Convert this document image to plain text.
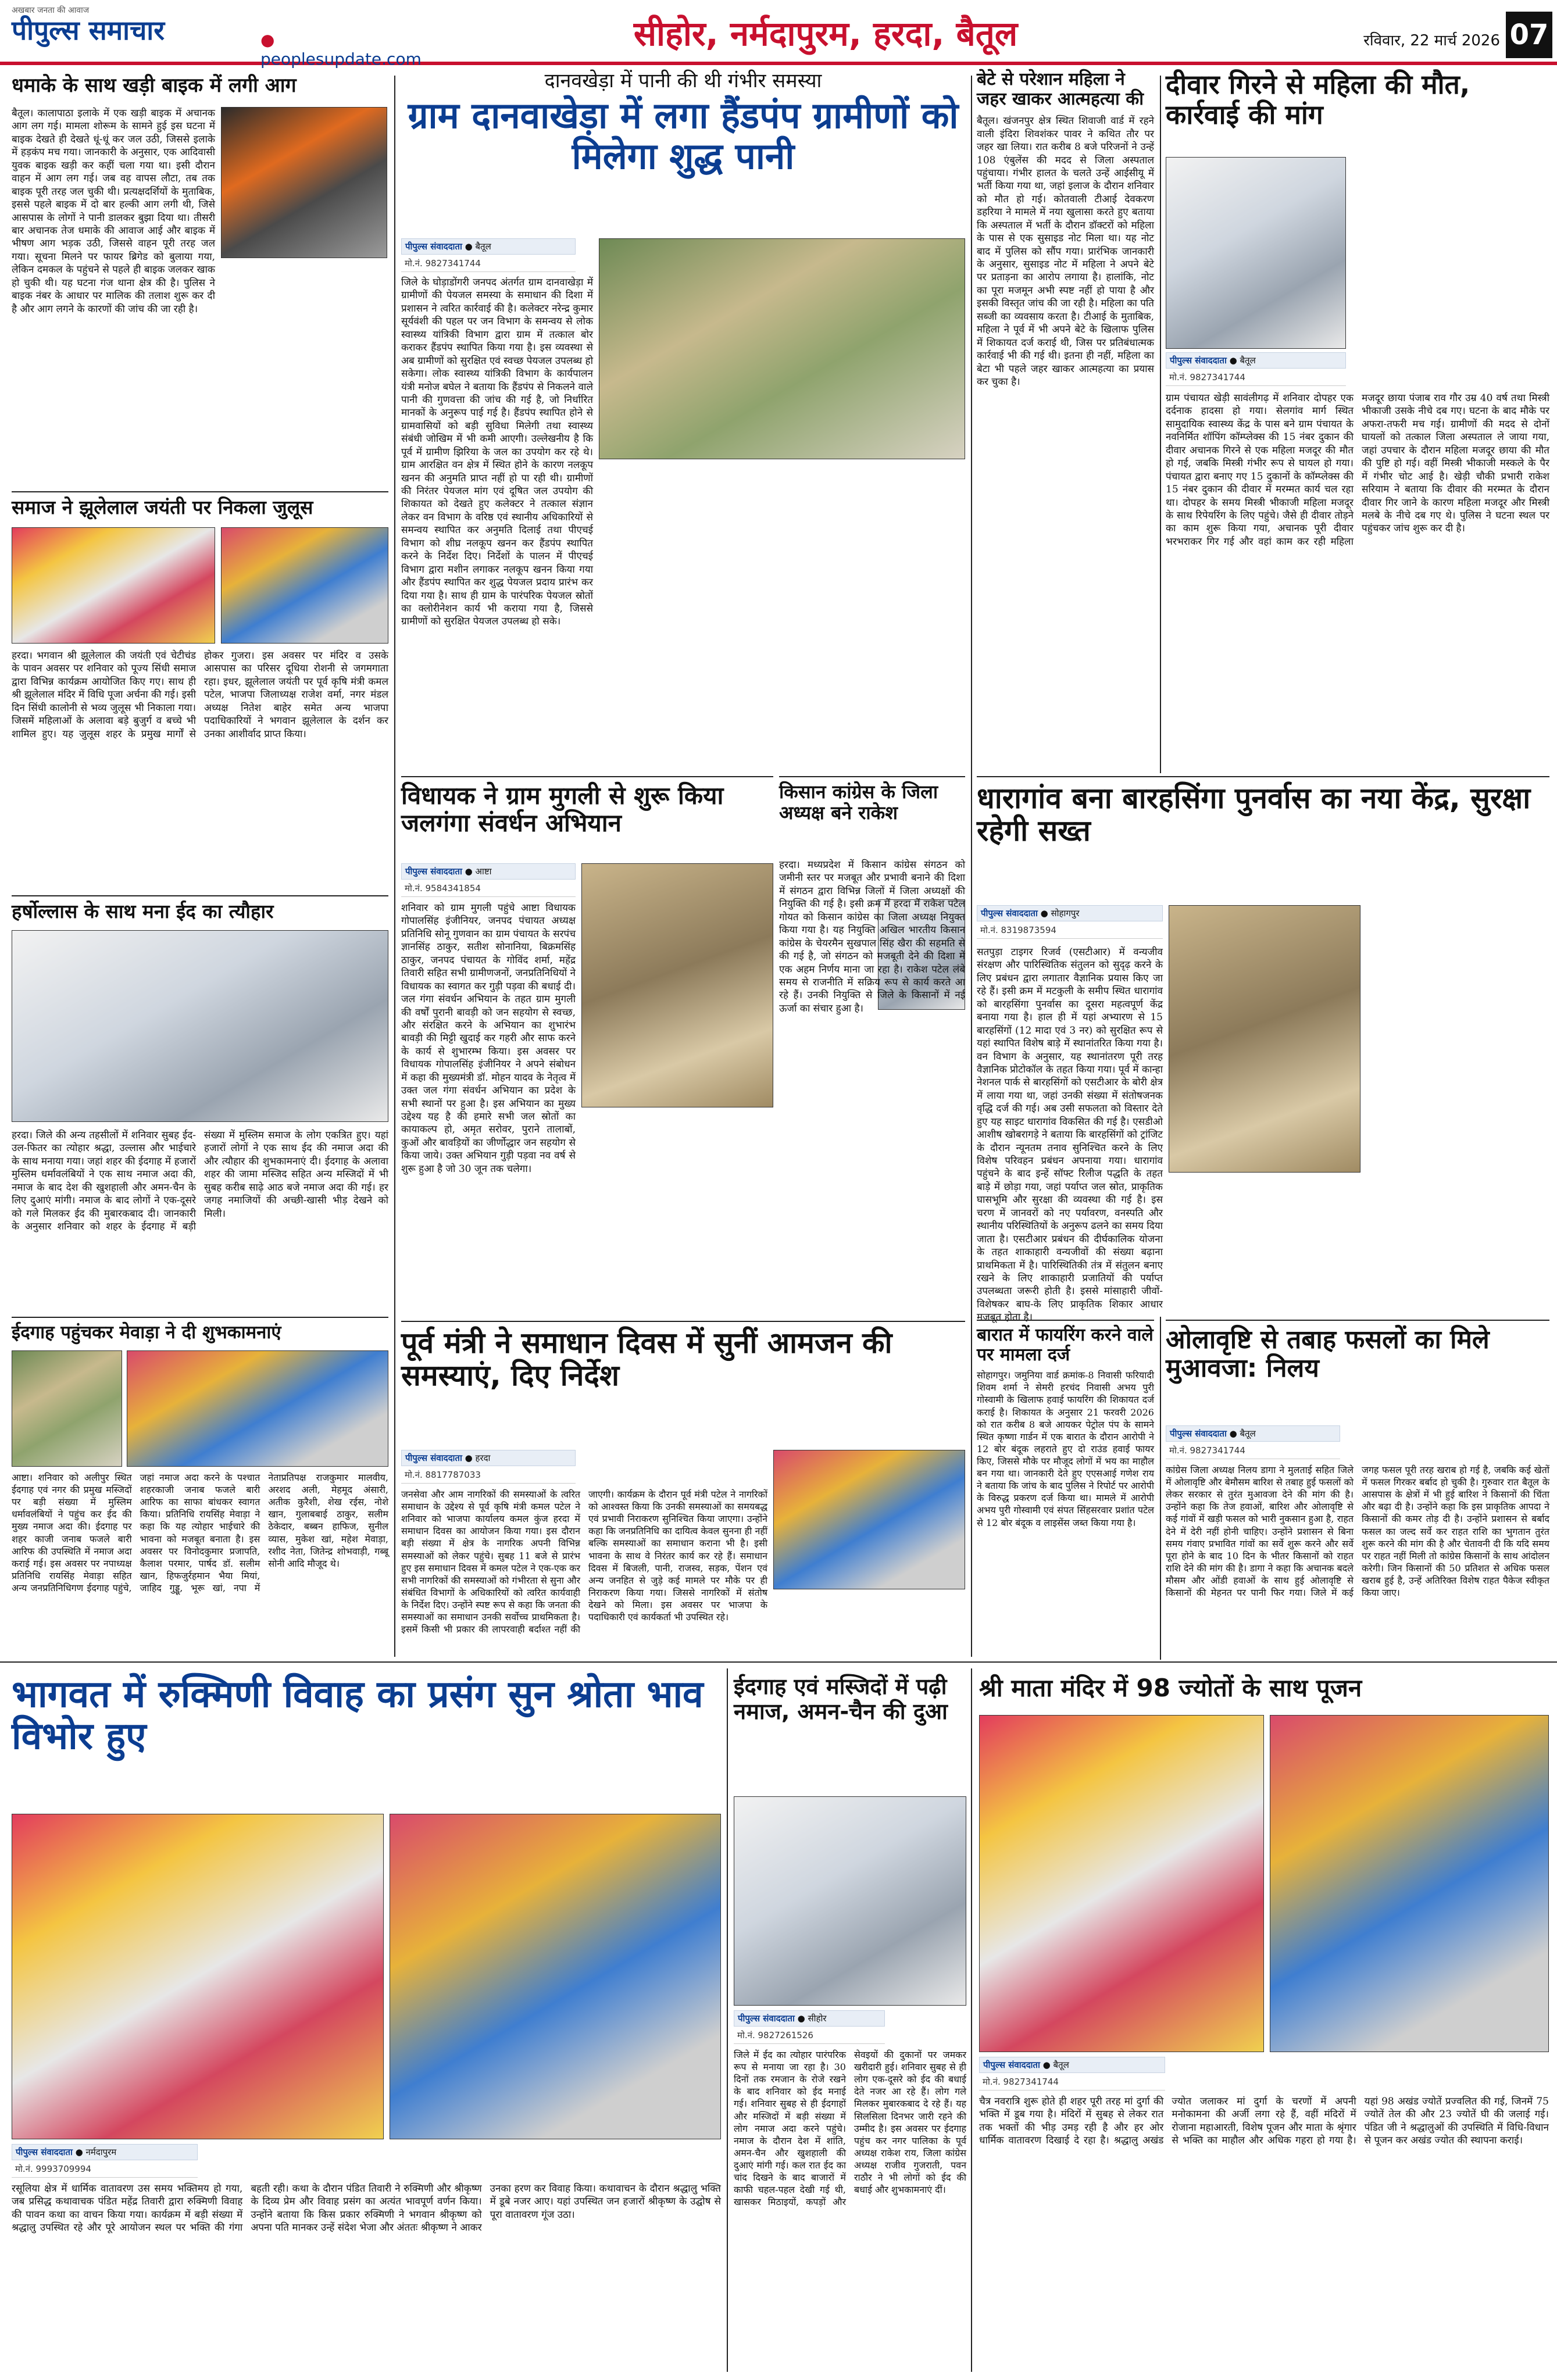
अखबार जनता की आवाज
पीपुल्स समाचार	● peoplesupdate.com
सीहोर, नर्मदापुरम, हरदा, बैतूल	रविवार, 22 मार्च 2026 07
धमाके के साथ खड़ी बाइक में लगी आग
बैतूल। कालापाठा इलाके में एक खड़ी बाइक में अचानक आग लग गई। मामला शोरूम के सामने हुई इस घटना में बाइक देखते ही देखते धूं-धूं कर जल उठी, जिससे इलाके में हड़कंप मच गया। जानकारी के अनुसार, एक आदिवासी युवक बाइक खड़ी कर कहीं चला गया था। इसी दौरान वाहन में आग लग गई। जब वह वापस लौटा, तब तक बाइक पूरी तरह जल चुकी थी। प्रत्यक्षदर्शियों के मुताबिक, इससे पहले बाइक में दो बार हल्की आग लगी थी, जिसे आसपास के लोगों ने पानी डालकर बुझा दिया था। तीसरी बार अचानक तेज धमाके की आवाज आई और बाइक में भीषण आग भड़क उठी, जिससे वाहन पूरी तरह जल गया। सूचना मिलने पर फायर ब्रिगेड को बुलाया गया, लेकिन दमकल के पहुंचने से पहले ही बाइक जलकर खाक हो चुकी थी। यह घटना गंज थाना क्षेत्र की है। पुलिस ने बाइक नंबर के आधार पर मालिक की तलाश शुरू कर दी है और आग लगने के कारणों की जांच की जा रही है।
समाज ने झूलेलाल जयंती पर निकला जुलूस
हरदा। भगवान श्री झूलेलाल की जयंती एवं चेटीचंड के पावन अवसर पर शनिवार को पूज्य सिंधी समाज द्वारा विभिन्न कार्यक्रम आयोजित किए गए। साथ ही श्री झूलेलाल मंदिर में विधि पूजा अर्चना की गई। इसी दिन सिंधी कालोनी से भव्य जुलूस भी निकाला गया। जिसमें महिलाओं के अलावा बड़े बुजुर्ग व बच्चे भी शामिल हुए। यह जुलूस शहर के प्रमुख मार्गों से होकर गुजरा। इस अवसर पर मंदिर व उसके आसपास का परिसर दूधिया रोशनी से जगमगाता रहा। इधर, झूलेलाल जयंती पर पूर्व कृषि मंत्री कमल पटेल, भाजपा जिलाध्यक्ष राजेश वर्मा, नगर मंडल अध्यक्ष नितेश बाहेर समेत अन्य भाजपा पदाधिकारियों ने भगवान झूलेलाल के दर्शन कर उनका आशीर्वाद प्राप्त किया।
हर्षोल्लास के साथ मना ईद का त्यौहार
हरदा। जिले की अन्य तहसीलों में शनिवार सुबह ईद-उल-फितर का त्योहार श्रद्धा, उल्लास और भाईचारे के साथ मनाया गया। जहां शहर की ईदगाह में हजारों मुस्लिम धर्मावलंबियों ने एक साथ नमाज अदा की, नमाज के बाद देश की खुशहाली और अमन-चैन के लिए दुआएं मांगी। नमाज के बाद लोगों ने एक-दूसरे को गले मिलकर ईद की मुबारकबाद दी। जानकारी के अनुसार शनिवार को शहर के ईदगाह में बड़ी संख्या में मुस्लिम समाज के लोग एकत्रित हुए। यहां हजारों लोगों ने एक साथ ईद की नमाज अदा की और त्यौहार की शुभकामनाएं दी। ईदगाह के अलावा शहर की जामा मस्जिद सहित अन्य मस्जिदों में भी सुबह करीब साढ़े आठ बजे नमाज अदा की गई। हर जगह नमाजियों की अच्छी-खासी भीड़ देखने को मिली।
ईदगाह पहुंचकर मेवाड़ा ने दी शुभकामनाएं
आष्टा। शनिवार को अलीपुर स्थित ईदगाह एवं नगर की प्रमुख मस्जिदों पर बड़ी संख्या में मुस्लिम धर्मावलंबियों ने पहुंच कर ईद की मुख्य नमाज अदा की। ईदगाह पर शहर काजी जनाब फजले बारी आरिफ की उपस्थिति में नमाज अदा कराई गई। इस अवसर पर नपाध्यक्ष प्रतिनिधि रायसिंह मेवाड़ा सहित अन्य जनप्रतिनिधिगण ईदगाह पहुंचे, जहां नमाज अदा करने के पश्चात शहरकाजी जनाब फजले बारी आरिफ का साफा बांधकर स्वागत किया। प्रतिनिधि रायसिंह मेवाड़ा ने कहा कि यह त्योहार भाईचारे की भावना को मजबूत बनाता है। इस अवसर पर विनोदकुमार प्रजापति, कैलाश परमार, पार्षद डॉ. सलीम खान, हिफजुर्रहमान भैया मियां, जाहिद गुड्डू, भूरू खां, नपा में नेताप्रतिपक्ष राजकुमार मालवीय, अरशद अली, मेहमूद अंसारी, अतीक कुरैशी, शेख रईस, नोशे खान, गुलाबबाई ठाकुर, सलीम ठेकेदार, बब्बन हाफिज, सुनील व्यास, मुकेश खां, महेश मेवाड़ा, रशीद नेता, जितेन्द्र शोभवाड़ी, गब्बू सोनी आदि मौजूद थे।
दानवखेड़ा में पानी की थी गंभीर समस्या
ग्राम दानवाखेड़ा में लगा हैंडपंप ग्रामीणों को मिलेगा शुद्ध पानी
पीपुल्स संवाददाता ● बैतूल
मो.नं. 9827341744
जिले के घोड़ाडोंगरी जनपद अंतर्गत ग्राम दानवाखेड़ा में ग्रामीणों की पेयजल समस्या के समाधान की दिशा में प्रशासन ने त्वरित कार्रवाई की है। कलेक्टर नरेन्द्र कुमार सूर्यवंशी की पहल पर जन विभाग के समन्वय से लोक स्वास्थ्य यांत्रिकी विभाग द्वारा ग्राम में तत्काल बोर कराकर हैंडपंप स्थापित किया गया है। इस व्यवस्था से अब ग्रामीणों को सुरक्षित एवं स्वच्छ पेयजल उपलब्ध हो सकेगा। लोक स्वास्थ्य यांत्रिकी विभाग के कार्यपालन यंत्री मनोज बघेल ने बताया कि हैंडपंप से निकलने वाले पानी की गुणवत्ता की जांच की गई है, जो निर्धारित मानकों के अनुरूप पाई गई है। हैंडपंप स्थापित होने से ग्रामवासियों को बड़ी सुविधा मिलेगी तथा स्वास्थ्य संबंधी जोखिम में भी कमी आएगी। उल्लेखनीय है कि पूर्व में ग्रामीण झिरिया के जल का उपयोग कर रहे थे। ग्राम आरक्षित वन क्षेत्र में स्थित होने के कारण नलकूप खनन की अनुमति प्राप्त नहीं हो पा रही थी। ग्रामीणों की निरंतर पेयजल मांग एवं दूषित जल उपयोग की शिकायत को देखते हुए कलेक्टर ने तत्काल संज्ञान लेकर वन विभाग के वरिष्ठ एवं स्थानीय अधिकारियों से समन्वय स्थापित कर अनुमति दिलाई तथा पीएचई विभाग को शीघ्र नलकूप खनन कर हैंडपंप स्थापित करने के निर्देश दिए। निर्देशों के पालन में पीएचई विभाग द्वारा मशीन लगाकर नलकूप खनन किया गया और हैंडपंप स्थापित कर शुद्ध पेयजल प्रदाय प्रारंभ कर दिया गया है। साथ ही ग्राम के पारंपरिक पेयजल स्रोतों का क्लोरीनेशन कार्य भी कराया गया है, जिससे ग्रामीणों को सुरक्षित पेयजल उपलब्ध हो सके।
बेटे से परेशान महिला ने जहर खाकर आत्महत्या की
बैतूल। खंजनपुर क्षेत्र स्थित शिवाजी वार्ड में रहने वाली इंदिरा शिवशंकर पावर ने कथित तौर पर जहर खा लिया। रात करीब 8 बजे परिजनों ने उन्हें 108 एंबुलेंस की मदद से जिला अस्पताल पहुंचाया। गंभीर हालत के चलते उन्हें आईसीयू में भर्ती किया गया था, जहां इलाज के दौरान शनिवार को मौत हो गई। कोतवाली टीआई देवकरण डहरिया ने मामले में नया खुलासा करते हुए बताया कि अस्पताल में भर्ती के दौरान डॉक्टरों को महिला के पास से एक सुसाइड नोट मिला था। यह नोट बाद में पुलिस को सौंप गया। प्रारंभिक जानकारी के अनुसार, सुसाइड नोट में महिला ने अपने बेटे पर प्रताड़ना का आरोप लगाया है। हालांकि, नोट का पूरा मजमून अभी स्पष्ट नहीं हो पाया है और इसकी विस्तृत जांच की जा रही है। महिला का पति सब्जी का व्यवसाय करता है। टीआई के मुताबिक, महिला ने पूर्व में भी अपने बेटे के खिलाफ पुलिस में शिकायत दर्ज कराई थी, जिस पर प्रतिबंधात्मक कार्रवाई भी की गई थी। इतना ही नहीं, महिला का बेटा भी पहले जहर खाकर आत्महत्या का प्रयास कर चुका है।
दीवार गिरने से महिला की मौत, कार्रवाई की मांग
पीपुल्स संवाददाता ● बैतूल
मो.नं. 9827341744
ग्राम पंचायत खेड़ी सावंलीगढ़ में शनिवार दोपहर एक दर्दनाक हादसा हो गया। सेलगांव मार्ग स्थित सामुदायिक स्वास्थ्य केंद्र के पास बने ग्राम पंचायत के नवनिर्मित शॉपिंग कॉम्प्लेक्स की 15 नंबर दुकान की दीवार अचानक गिरने से एक महिला मजदूर की मौत हो गई, जबकि मिस्त्री गंभीर रूप से घायल हो गया। पंचायत द्वारा बनाए गए 15 दुकानों के कॉम्प्लेक्स की 15 नंबर दुकान की दीवार में मरम्मत कार्य चल रहा था। दोपहर के समय मिस्त्री भीकाजी महिला मजदूर के साथ रिपेयरिंग के लिए पहुंचे। जैसे ही दीवार तोड़ने का काम शुरू किया गया, अचानक पूरी दीवार भरभराकर गिर गई और वहां काम कर रही महिला मजदूर छाया पंजाब राव गौर उम्र 40 वर्ष तथा मिस्त्री भीकाजी उसके नीचे दब गए। घटना के बाद मौके पर अफरा-तफरी मच गई। ग्रामीणों की मदद से दोनों घायलों को तत्काल जिला अस्पताल ले जाया गया, जहां उपचार के दौरान महिला मजदूर छाया की मौत की पुष्टि हो गई। वहीं मिस्त्री भीकाजी मस्कले के पैर में गंभीर चोट आई है। खेड़ी चौकी प्रभारी राकेश सरियाम ने बताया कि दीवार की मरम्मत के दौरान दीवार गिर जाने के कारण महिला मजदूर और मिस्त्री मलबे के नीचे दब गए थे। पुलिस ने घटना स्थल पर पहुंचकर जांच शुरू कर दी है।
विधायक ने ग्राम मुगली से शुरू किया जलगंगा संवर्धन अभियान
पीपुल्स संवाददाता ● आष्टा
मो.नं. 9584341854
शनिवार को ग्राम मुगली पहुंचे आष्टा विधायक गोपालसिंह इंजीनियर, जनपद पंचायत अध्यक्ष प्रतिनिधि सोनू गुणवान का ग्राम पंचायत के सरपंच ज्ञानसिंह ठाकुर, सतीश सोनानिया, बिक्रमसिंह ठाकुर, जनपद पंचायत के गोविंद शर्मा, महेंद्र तिवारी सहित सभी ग्रामीणजनों, जनप्रतिनिधियों ने विधायक का स्वागत कर गुड़ी पड़वा की बधाई दी। जल गंगा संवर्धन अभियान के तहत ग्राम मुगली की वर्षों पुरानी बावड़ी को जन सहयोग से स्वच्छ, और संरक्षित करने के अभियान का शुभारंभ बावड़ी की मिट्टी खुदाई कर गहरी और साफ करने के कार्य से शुभारम्भ किया। इस अवसर पर विधायक गोपालसिंह इंजीनियर ने अपने संबोधन में कहा की मुख्यमंत्री डॉ. मोहन यादव के नेतृत्व में उक्त जल गंगा संवर्धन अभियान का प्रदेश के सभी स्थानों पर हुआ है। इस अभियान का मुख्य उद्देश्य यह है की हमारे सभी जल स्रोतों का कायाकल्प हो, अमृत सरोवर, पुराने तालाबों, कुओं और बावड़ियों का जीर्णोद्धार जन सहयोग से किया जाये। उक्त अभियान गुड़ी पड़वा नव वर्ष से शुरू हुआ है जो 30 जून तक चलेगा।
किसान कांग्रेस के जिला अध्यक्ष बने राकेश
हरदा। मध्यप्रदेश में किसान कांग्रेस संगठन को जमीनी स्तर पर मजबूत और प्रभावी बनाने की दिशा में संगठन द्वारा विभिन्न जिलों में जिला अध्यक्षों की नियुक्ति की गई है। इसी क्रम में हरदा में राकेश पटेल गोयत को किसान कांग्रेस का जिला अध्यक्ष नियुक्त किया गया है। यह नियुक्ति अखिल भारतीय किसान कांग्रेस के चेयरमैन सुखपाल सिंह खैरा की सहमति से की गई है, जो संगठन को मजबूती देने की दिशा में एक अहम निर्णय माना जा रहा है। राकेश पटेल लंबे समय से राजनीति में सक्रिय रूप से कार्य करते आ रहे हैं। उनकी नियुक्ति से जिले के किसानों में नई ऊर्जा का संचार हुआ है।
धारागांव बना बारहसिंगा पुनर्वास का नया केंद्र, सुरक्षा रहेगी सख्त
पीपुल्स संवाददाता ● सोहागपुर
मो.नं. 8319873594
सतपुड़ा टाइगर रिजर्व (एसटीआर) में वन्यजीव संरक्षण और पारिस्थितिक संतुलन को सुदृढ़ करने के लिए प्रबंधन द्वारा लगातार वैज्ञानिक प्रयास किए जा रहे हैं। इसी क्रम में मटकुली के समीप स्थित धारागांव को बारहसिंगा पुनर्वास का दूसरा महत्वपूर्ण केंद्र बनाया गया है। हाल ही में यहां अभ्यारण से 15 बारहसिंगों (12 मादा एवं 3 नर) को सुरक्षित रूप से यहां स्थापित विशेष बाड़े में स्थानांतरित किया गया है। वन विभाग के अनुसार, यह स्थानांतरण पूरी तरह वैज्ञानिक प्रोटोकॉल के तहत किया गया। पूर्व में कान्हा नेशनल पार्क से बारहसिंगों को एसटीआर के बोरी क्षेत्र में लाया गया था, जहां उनकी संख्या में संतोषजनक वृद्धि दर्ज की गई। अब उसी सफलता को विस्तार देते हुए यह साइट धारागांव विकसित की गई है। एसडीओ आशीष खोबरागड़े ने बताया कि बारहसिंगों को ट्रांजिट के दौरान न्यूनतम तनाव सुनिश्चित करने के लिए विशेष परिवहन प्रबंधन अपनाया गया। धारागांव पहुंचने के बाद इन्हें सॉफ्ट रिलीज पद्धति के तहत बाड़े में छोड़ा गया, जहां पर्याप्त जल स्रोत, प्राकृतिक घासभूमि और सुरक्षा की व्यवस्था की गई है। इस चरण में जानवरों को नए पर्यावरण, वनस्पति और स्थानीय परिस्थितियों के अनुरूप ढलने का समय दिया जाता है। एसटीआर प्रबंधन की दीर्घकालिक योजना के तहत शाकाहारी वन्यजीवों की संख्या बढ़ाना प्राथमिकता में है। पारिस्थितिकी तंत्र में संतुलन बनाए रखने के लिए शाकाहारी प्रजातियों की पर्याप्त उपलब्धता जरूरी होती है। इससे मांसाहारी जीवों-विशेषकर बाघ-के लिए प्राकृतिक शिकार आधार मजबूत होता है।
पूर्व मंत्री ने समाधान दिवस में सुनीं आमजन की समस्याएं, दिए निर्देश
पीपुल्स संवाददाता ● हरदा
मो.नं. 8817787033
जनसेवा और आम नागरिकों की समस्याओं के त्वरित समाधान के उद्देश्य से पूर्व कृषि मंत्री कमल पटेल ने शनिवार को भाजपा कार्यालय कमल कुंज हरदा में समाधान दिवस का आयोजन किया गया। इस दौरान बड़ी संख्या में क्षेत्र के नागरिक अपनी विभिन्न समस्याओं को लेकर पहुंचे। सुबह 11 बजे से प्रारंभ हुए इस समाधान दिवस में कमल पटेल ने एक-एक कर सभी नागरिकों की समस्याओं को गंभीरता से सुना और संबंधित विभागों के अधिकारियों को त्वरित कार्यवाही के निर्देश दिए। उन्होंने स्पष्ट रूप से कहा कि जनता की समस्याओं का समाधान उनकी सर्वोच्च प्राथमिकता है। इसमें किसी भी प्रकार की लापरवाही बर्दाश्त नहीं की जाएगी। कार्यक्रम के दौरान पूर्व मंत्री पटेल ने नागरिकों को आश्वस्त किया कि उनकी समस्याओं का समयबद्ध एवं प्रभावी निराकरण सुनिश्चित किया जाएगा। उन्होंने कहा कि जनप्रतिनिधि का दायित्व केवल सुनना ही नहीं बल्कि समस्याओं का समाधान कराना भी है। इसी भावना के साथ वे निरंतर कार्य कर रहे हैं। समाधान दिवस में बिजली, पानी, राजस्व, सड़क, पेंशन एवं अन्य जनहित से जुड़े कई मामले पर मौके पर ही निराकरण किया गया। जिससे नागरिकों में संतोष देखने को मिला। इस अवसर पर भाजपा के पदाधिकारी एवं कार्यकर्ता भी उपस्थित रहे।
बारात में फायरिंग करने वाले पर मामला दर्ज
सोहागपुर। जमुनिया वार्ड क्रमांक-8 निवासी फरियादी शिवम शर्मा ने सेमरी हरचंद निवासी अभय पुरी गोस्वामी के खिलाफ हवाई फायरिंग की शिकायत दर्ज कराई है। शिकायत के अनुसार 21 फरवरी 2026 को रात करीब 8 बजे आयकर पेट्रोल पंप के सामने स्थित कृष्णा गार्डन में एक बारात के दौरान आरोपी ने 12 बोर बंदूक लहराते हुए दो राउंड हवाई फायर किए, जिससे मौके पर मौजूद लोगों में भय का माहौल बन गया था। जानकारी देते हुए एएसआई गणेश राय ने बताया कि जांच के बाद पुलिस ने रिपोर्ट पर आरोपी के विरुद्ध प्रकरण दर्ज किया था। मामले में आरोपी अभय पुरी गोस्वामी एवं संपत सिंहसरवार प्रशांत पटेल से 12 बोर बंदूक व लाइसेंस जब्त किया गया है।
ओलावृष्टि से तबाह फसलों का मिले मुआवजा: निलय
पीपुल्स संवाददाता ● बैतूल
मो.नं. 9827341744
कांग्रेस जिला अध्यक्ष निलय डागा ने मुलताई सहित जिले में ओलावृष्टि और बेमौसम बारिश से तबाह हुई फसलों को लेकर सरकार से तुरंत मुआवजा देने की मांग की है। उन्होंने कहा कि तेज हवाओं, बारिश और ओलावृष्टि से कई गांवों में खड़ी फसल को भारी नुकसान हुआ है, राहत देने में देरी नहीं होनी चाहिए। उन्होंने प्रशासन से बिना समय गंवाए प्रभावित गांवों का सर्वे शुरू करने और सर्वे पूरा होने के बाद 10 दिन के भीतर किसानों को राहत राशि देने की मांग की है। डागा ने कहा कि अचानक बदले मौसम और ओंडी हवाओं के साथ हुई ओलावृष्टि से किसानों की मेहनत पर पानी फिर गया। जिले में कई जगह फसल पूरी तरह खराब हो गई है, जबकि कई खेतों में फसल गिरकर बर्बाद हो चुकी है। गुरुवार रात बैतूल के आसपास के क्षेत्रों में भी हुई बारिश ने किसानों की चिंता और बढ़ा दी है। उन्होंने कहा कि इस प्राकृतिक आपदा ने किसानों की कमर तोड़ दी है। उन्होंने प्रशासन से बर्बाद फसल का जल्द सर्वे कर राहत राशि का भुगतान तुरंत शुरू करने की मांग की है और चेतावनी दी कि यदि समय पर राहत नहीं मिली तो कांग्रेस किसानों के साथ आंदोलन करेगी। जिन किसानों की 50 प्रतिशत से अधिक फसल खराब हुई है, उन्हें अतिरिक्त विशेष राहत पैकेज स्वीकृत किया जाए।
भागवत में रुक्मिणी विवाह का प्रसंग सुन श्रोता भाव विभोर हुए
पीपुल्स संवाददाता ● नर्मदापुरम
मो.नं. 9993709994
रसूलिया क्षेत्र में धार्मिक वातावरण उस समय भक्तिमय हो गया, जब प्रसिद्ध कथावाचक पंडित महेंद्र तिवारी द्वारा रुक्मिणी विवाह की पावन कथा का वाचन किया गया। कार्यक्रम में बड़ी संख्या में श्रद्धालु उपस्थित रहे और पूरे आयोजन स्थल पर भक्ति की गंगा बहती रही। कथा के दौरान पंडित तिवारी ने रुक्मिणी और श्रीकृष्ण के दिव्य प्रेम और विवाह प्रसंग का अत्यंत भावपूर्ण वर्णन किया। उन्होंने बताया कि किस प्रकार रुक्मिणी ने भगवान श्रीकृष्ण को अपना पति मानकर उन्हें संदेश भेजा और अंततः श्रीकृष्ण ने आकर उनका हरण कर विवाह किया। कथावाचन के दौरान श्रद्धालु भक्ति में डूबे नजर आए। यहां उपस्थित जन हजारों श्रीकृष्ण के उद्घोष से पूरा वातावरण गूंज उठा।
ईदगाह एवं मस्जिदों में पढ़ी नमाज, अमन-चैन की दुआ
पीपुल्स संवाददाता ● सीहोर
मो.नं. 9827261526
जिले में ईद का त्योहार पारंपरिक रूप से मनाया जा रहा है। 30 दिनों तक रमजान के रोजे रखने के बाद शनिवार को ईद मनाई गई। शनिवार सुबह से ही ईदगाहों और मस्जिदों में बड़ी संख्या में लोग नमाज अदा करने पहुंचे। नमाज के दौरान देश में शांति, अमन-चैन और खुशहाली की दुआएं मांगी गई। कल रात ईद का चांद दिखने के बाद बाजारों में काफी चहल-पहल देखी गई थी, खासकर मिठाइयों, कपड़ों और सेवइयों की दुकानों पर जमकर खरीदारी हुई। शनिवार सुबह से ही लोग एक-दूसरे को ईद की बधाई देते नजर आ रहे हैं। लोग गले मिलकर मुबारकबाद दे रहे हैं। यह सिलसिला दिनभर जारी रहने की उम्मीद है। इस अवसर पर ईदगाह पहुंच कर नगर पालिका के पूर्व अध्यक्ष राकेश राय, जिला कांग्रेस अध्यक्ष राजीव गुजराती, पवन राठौर ने भी लोगों को ईद की बधाई और शुभकामनाएं दीं।
श्री माता मंदिर में 98 ज्योतों के साथ पूजन
पीपुल्स संवाददाता ● बैतूल
मो.नं. 9827341744
चैत्र नवरात्रि शुरू होते ही शहर पूरी तरह मां दुर्गा की भक्ति में डूब गया है। मंदिरों में सुबह से लेकर रात तक भक्तों की भीड़ उमड़ रही है और हर ओर धार्मिक वातावरण दिखाई दे रहा है। श्रद्धालु अखंड ज्योत जलाकर मां दुर्गा के चरणों में अपनी मनोकामना की अर्जी लगा रहे हैं, वहीं मंदिरों में रोजाना महाआरती, विशेष पूजन और माता के श्रृंगार से भक्ति का माहौल और अधिक गहरा हो गया है। यहां 98 अखंड ज्योतें प्रज्वलित की गई, जिनमें 75 ज्योतें तेल की और 23 ज्योतें घी की जलाई गई। पंडित जी ने श्रद्धालुओं की उपस्थिति में विधि-विधान से पूजन कर अखंड ज्योत की स्थापना कराई।
